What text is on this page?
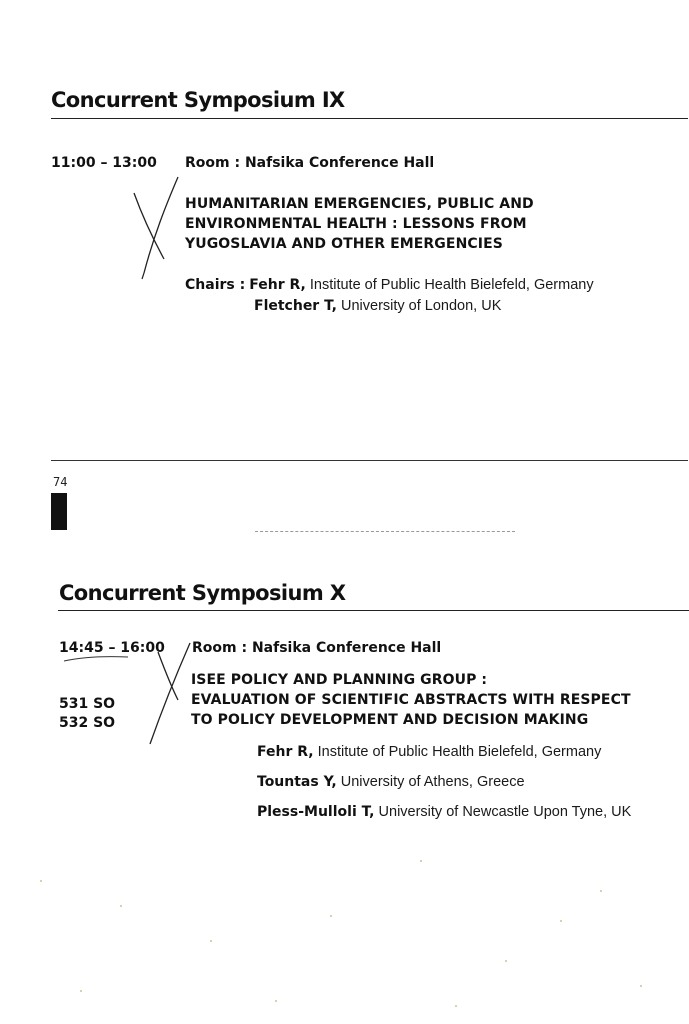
Concurrent Symposium IX
11:00 – 13:00 Room : Nafsika Conference Hall
HUMANITARIAN EMERGENCIES, PUBLIC AND
ENVIRONMENTAL HEALTH : LESSONS FROM
YUGOSLAVIA AND OTHER EMERGENCIES
Chairs : Fehr R, Institute of Public Health Bielefeld, Germany
Fletcher T, University of London, UK
74
Concurrent Symposium X
14:45 – 16:00 Room : Nafsika Conference Hall
531 SO
532 SO
ISEE POLICY AND PLANNING GROUP :
EVALUATION OF SCIENTIFIC ABSTRACTS WITH RESPECT
TO POLICY DEVELOPMENT AND DECISION MAKING
Fehr R, Institute of Public Health Bielefeld, Germany
Tountas Y, University of Athens, Greece
Pless-Mulloli T, University of Newcastle Upon Tyne, UK
